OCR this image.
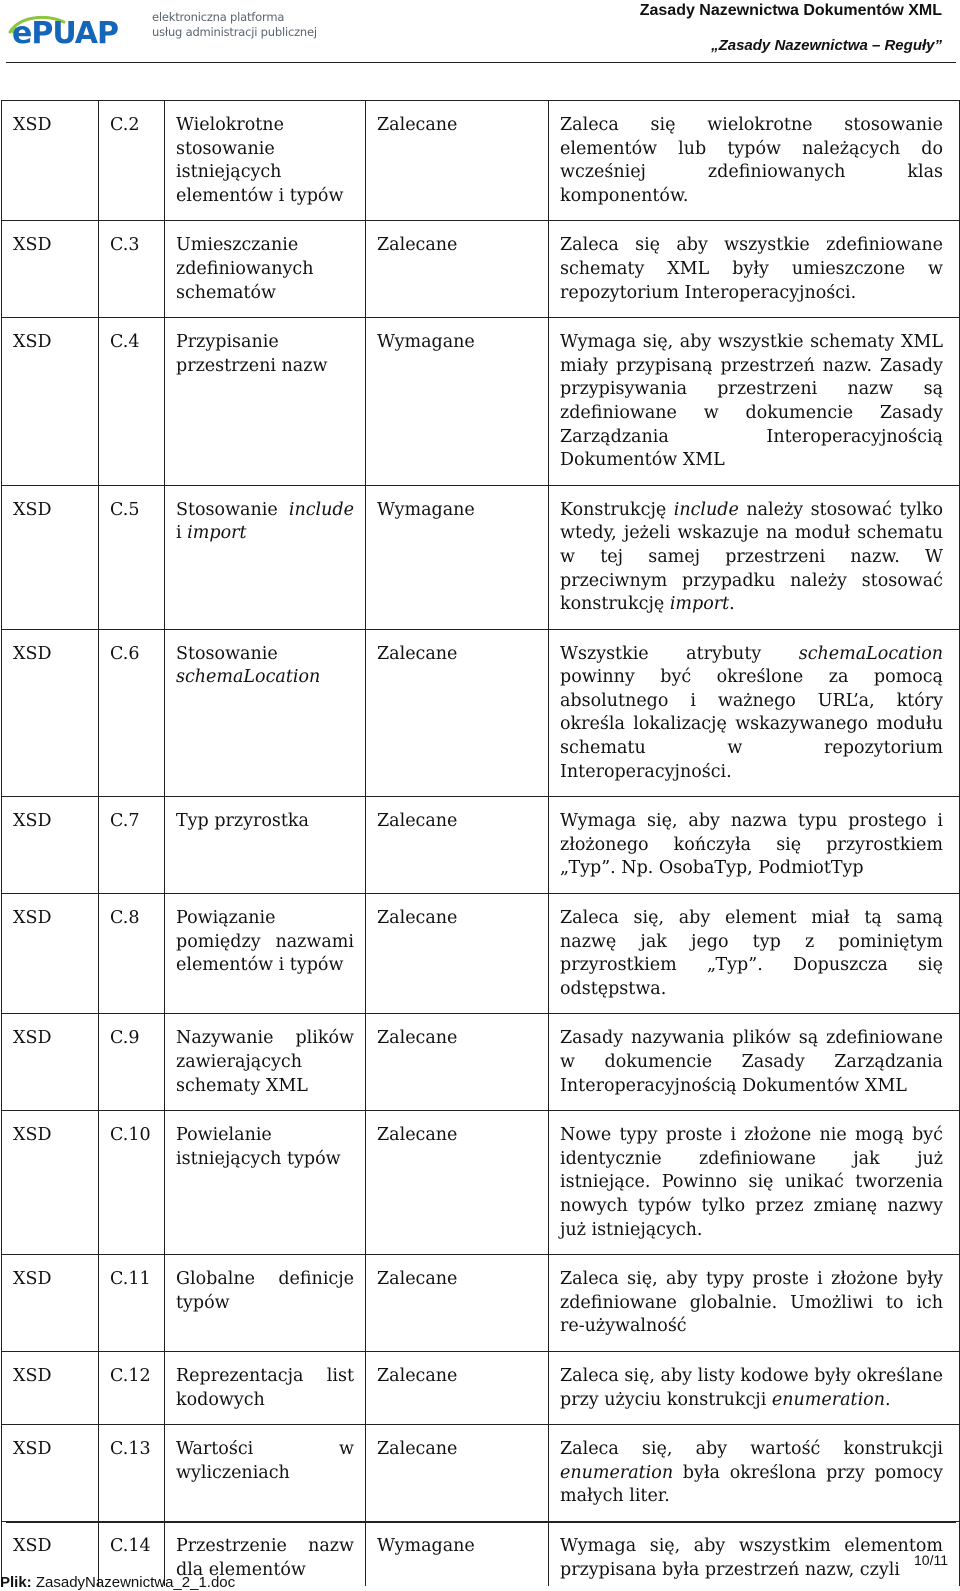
ePUAP	elektroniczna platforma
usług administracji publicznej
Zasady Nazewnictwa Dokumentów XML
„Zasady Nazewnictwa – Reguły”
XSD	C.2	Wielokrotne stosowanie istniejących elementów i typów	Zalecane	Zaleca się wielokrotne stosowanie elementów lub typów należących do wcześniej zdefiniowanych klas komponentów.
XSD	C.3	Umieszczanie zdefiniowanych schematów	Zalecane	Zaleca się aby wszystkie zdefiniowane schematy XML były umieszczone w repozytorium Interoperacyjności.
XSD	C.4	Przypisanie przestrzeni nazw	Wymagane	Wymaga się, aby wszystkie schematy XML miały przypisaną przestrzeń nazw. Zasady przypisywania przestrzeni nazw są zdefiniowane w dokumencie Zasady Zarządzania Interoperacyjnością Dokumentów XML
XSD	C.5	Stosowanie include i import	Wymagane	Konstrukcję include należy stosować tylko wtedy, jeżeli wskazuje na moduł schematu w tej samej przestrzeni nazw. W przeciwnym przypadku należy stosować konstrukcję import.
XSD	C.6	Stosowanie schemaLocation	Zalecane	Wszystkie atrybuty schemaLocation powinny być określone za pomocą absolutnego i ważnego URL’a, który określa lokalizację wskazywanego modułu schematu w repozytorium Interoperacyjności.
XSD	C.7	Typ przyrostka	Zalecane	Wymaga się, aby nazwa typu prostego i złożonego kończyła się przyrostkiem „Typ”. Np. OsobaTyp, PodmiotTyp
XSD	C.8	Powiązanie pomiędzy nazwami elementów i typów	Zalecane	Zaleca się, aby element miał tą samą nazwę jak jego typ z pominiętym przyrostkiem „Typ”. Dopuszcza się odstępstwa.
XSD	C.9	Nazywanie plików zawierających schematy XML	Zalecane	Zasady nazywania plików są zdefiniowane w dokumencie Zasady Zarządzania Interoperacyjnością Dokumentów XML
XSD	C.10	Powielanie istniejących typów	Zalecane	Nowe typy proste i złożone nie mogą być identycznie zdefiniowane jak już istniejące. Powinno się unikać tworzenia nowych typów tylko przez zmianę nazwy już istniejących.
XSD	C.11	Globalne definicje typów	Zalecane	Zaleca się, aby typy proste i złożone były zdefiniowane globalnie. Umożliwi to ich re-używalność
XSD	C.12	Reprezentacja list kodowych	Zalecane	Zaleca się, aby listy kodowe były określane przy użyciu konstrukcji enumeration.
XSD	C.13	Wartości w wyliczeniach	Zalecane	Zaleca się, aby wartość konstrukcji enumeration była określona przy pomocy małych liter.
XSD	C.14	Przestrzenie nazw dla elementów	Wymagane	Wymaga się, aby wszystkim elementom przypisana była przestrzeń nazw, czyli 10/11
Plik: ZasadyNazewnictwa_2_1.doc
